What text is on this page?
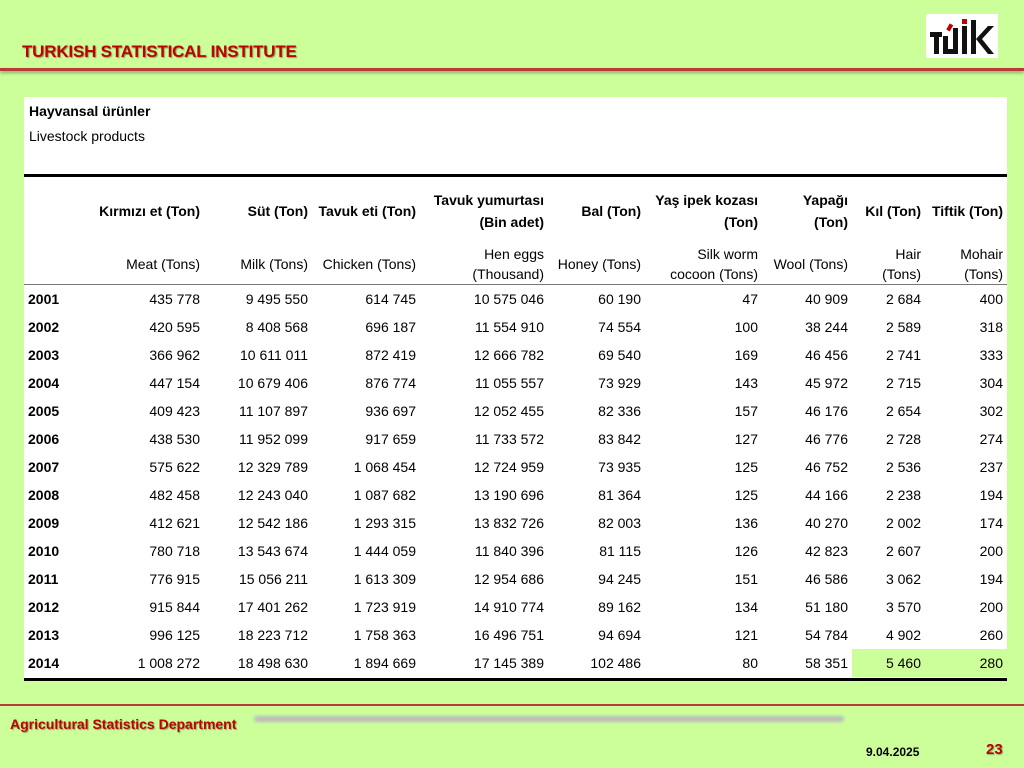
TURKISH STATISTICAL INSTITUTE
Hayvansal ürünler
Livestock products
	Kırmızı et (Ton)	Süt (Ton)	Tavuk eti (Ton)	Tavuk yumurtası (Bin adet)	Bal (Ton)	Yaş ipek kozası (Ton)	Yapağı (Ton)	Kıl (Ton)	Tiftik (Ton)
	Meat (Tons)	Milk (Tons)	Chicken (Tons)	Hen eggs (Thousand)	Honey (Tons)	Silk worm cocoon (Tons)	Wool (Tons)	Hair (Tons)	Mohair (Tons)
2001	435 778	9 495 550	614 745	10 575 046	60 190	47	40 909	2 684	400
2002	420 595	8 408 568	696 187	11 554 910	74 554	100	38 244	2 589	318
2003	366 962	10 611 011	872 419	12 666 782	69 540	169	46 456	2 741	333
2004	447 154	10 679 406	876 774	11 055 557	73 929	143	45 972	2 715	304
2005	409 423	11 107 897	936 697	12 052 455	82 336	157	46 176	2 654	302
2006	438 530	11 952 099	917 659	11 733 572	83 842	127	46 776	2 728	274
2007	575 622	12 329 789	1 068 454	12 724 959	73 935	125	46 752	2 536	237
2008	482 458	12 243 040	1 087 682	13 190 696	81 364	125	44 166	2 238	194
2009	412 621	12 542 186	1 293 315	13 832 726	82 003	136	40 270	2 002	174
2010	780 718	13 543 674	1 444 059	11 840 396	81 115	126	42 823	2 607	200
2011	776 915	15 056 211	1 613 309	12 954 686	94 245	151	46 586	3 062	194
2012	915 844	17 401 262	1 723 919	14 910 774	89 162	134	51 180	3 570	200
2013	996 125	18 223 712	1 758 363	16 496 751	94 694	121	54 784	4 902	260
2014	1 008 272	18 498 630	1 894 669	17 145 389	102 486	80	58 351	5 460	280
Agricultural Statistics Department
9.04.2025	23
